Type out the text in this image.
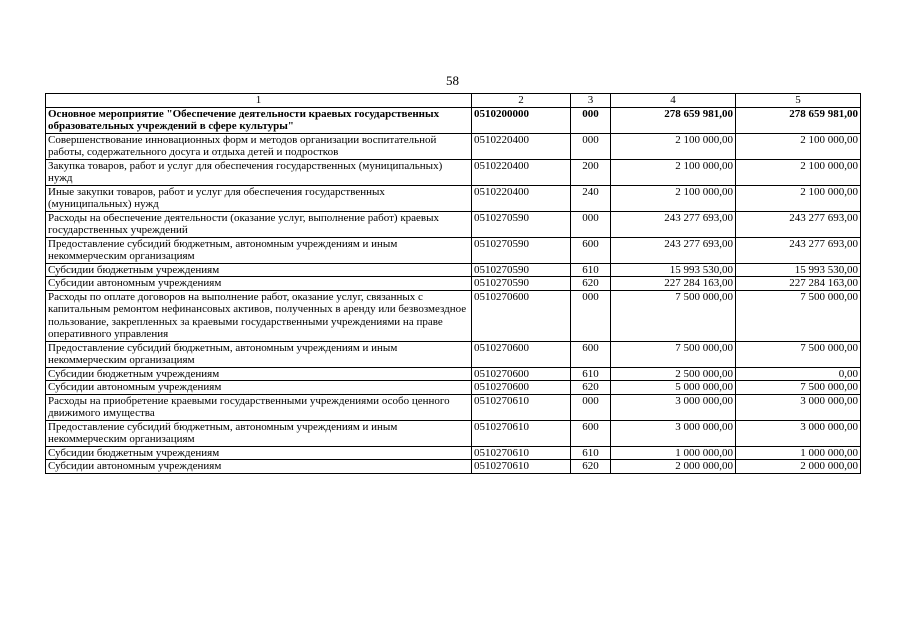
58
1	2	3	4	5
Основное мероприятие "Обеспечение деятельности краевых государственных образовательных учреждений в сфере культуры"	0510200000	000	278 659 981,00	278 659 981,00
Совершенствование инновационных форм и методов организации воспитательной работы, содержательного досуга и отдыха детей и подростков	0510220400	000	2 100 000,00	2 100 000,00
Закупка товаров, работ и услуг для обеспечения государственных (муниципальных) нужд	0510220400	200	2 100 000,00	2 100 000,00
Иные закупки товаров, работ и услуг для обеспечения государственных (муниципальных) нужд	0510220400	240	2 100 000,00	2 100 000,00
Расходы на обеспечение деятельности (оказание услуг, выполнение работ) краевых государственных учреждений	0510270590	000	243 277 693,00	243 277 693,00
Предоставление субсидий бюджетным, автономным учреждениям и иным некоммерческим организациям	0510270590	600	243 277 693,00	243 277 693,00
Субсидии бюджетным учреждениям	0510270590	610	15 993 530,00	15 993 530,00
Субсидии автономным учреждениям	0510270590	620	227 284 163,00	227 284 163,00
Расходы по оплате договоров на выполнение работ, оказание услуг, связанных с капитальным ремонтом нефинансовых активов, полученных в аренду или безвозмездное пользование, закрепленных за краевыми государственными учреждениями на праве оперативного управления	0510270600	000	7 500 000,00	7 500 000,00
Предоставление субсидий бюджетным, автономным учреждениям и иным некоммерческим организациям	0510270600	600	7 500 000,00	7 500 000,00
Субсидии бюджетным учреждениям	0510270600	610	2 500 000,00	0,00
Субсидии автономным учреждениям	0510270600	620	5 000 000,00	7 500 000,00
Расходы на приобретение краевыми государственными учреждениями особо ценного движимого имущества	0510270610	000	3 000 000,00	3 000 000,00
Предоставление субсидий бюджетным, автономным учреждениям и иным некоммерческим организациям	0510270610	600	3 000 000,00	3 000 000,00
Субсидии бюджетным учреждениям	0510270610	610	1 000 000,00	1 000 000,00
Субсидии автономным учреждениям	0510270610	620	2 000 000,00	2 000 000,00
